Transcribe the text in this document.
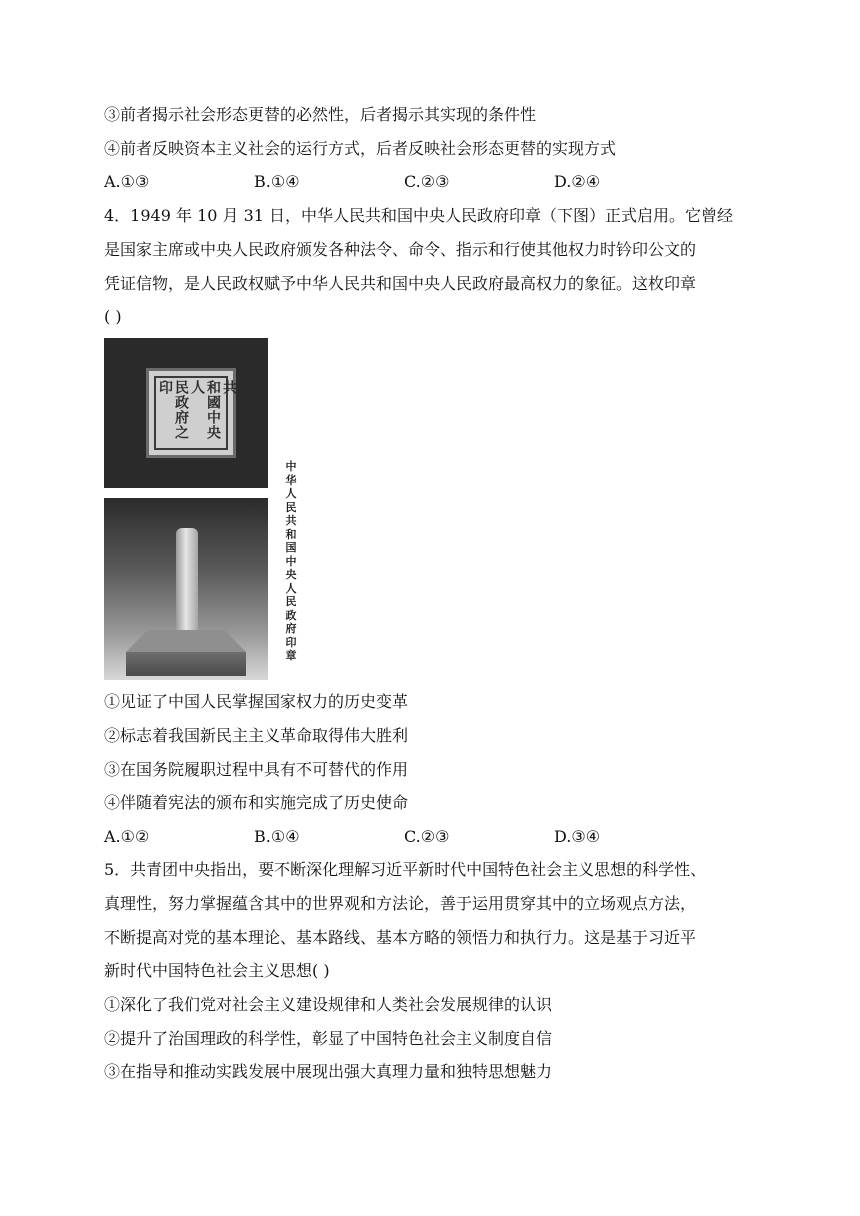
③前者揭示社会形态更替的必然性，后者揭示其实现的条件性
④前者反映资本主义社会的运行方式，后者反映社会形态更替的实现方式
A.①③	B.①④	C.②③	D.②④
4．1949 年 10 月 31 日，中华人民共和国中央人民政府印章（下图）正式启用。它曾经
是国家主席或中央人民政府颁发各种法令、命令、指示和行使其他权力时钤印公文的
凭证信物，是人民政权赋予中华人民共和国中央人民政府最高权力的象征。这枚印章
( )
中華人民共
和國中央人
民政府之印
中华人民共和国中央人民政府印章
①见证了中国人民掌握国家权力的历史变革
②标志着我国新民主主义革命取得伟大胜利
③在国务院履职过程中具有不可替代的作用
④伴随着宪法的颁布和实施完成了历史使命
A.①②	B.①④	C.②③	D.③④
5．共青团中央指出，要不断深化理解习近平新时代中国特色社会主义思想的科学性、
真理性，努力掌握蕴含其中的世界观和方法论，善于运用贯穿其中的立场观点方法，
不断提高对党的基本理论、基本路线、基本方略的领悟力和执行力。这是基于习近平
新时代中国特色社会主义思想( )
①深化了我们党对社会主义建设规律和人类社会发展规律的认识
②提升了治国理政的科学性，彰显了中国特色社会主义制度自信
③在指导和推动实践发展中展现出强大真理力量和独特思想魅力
